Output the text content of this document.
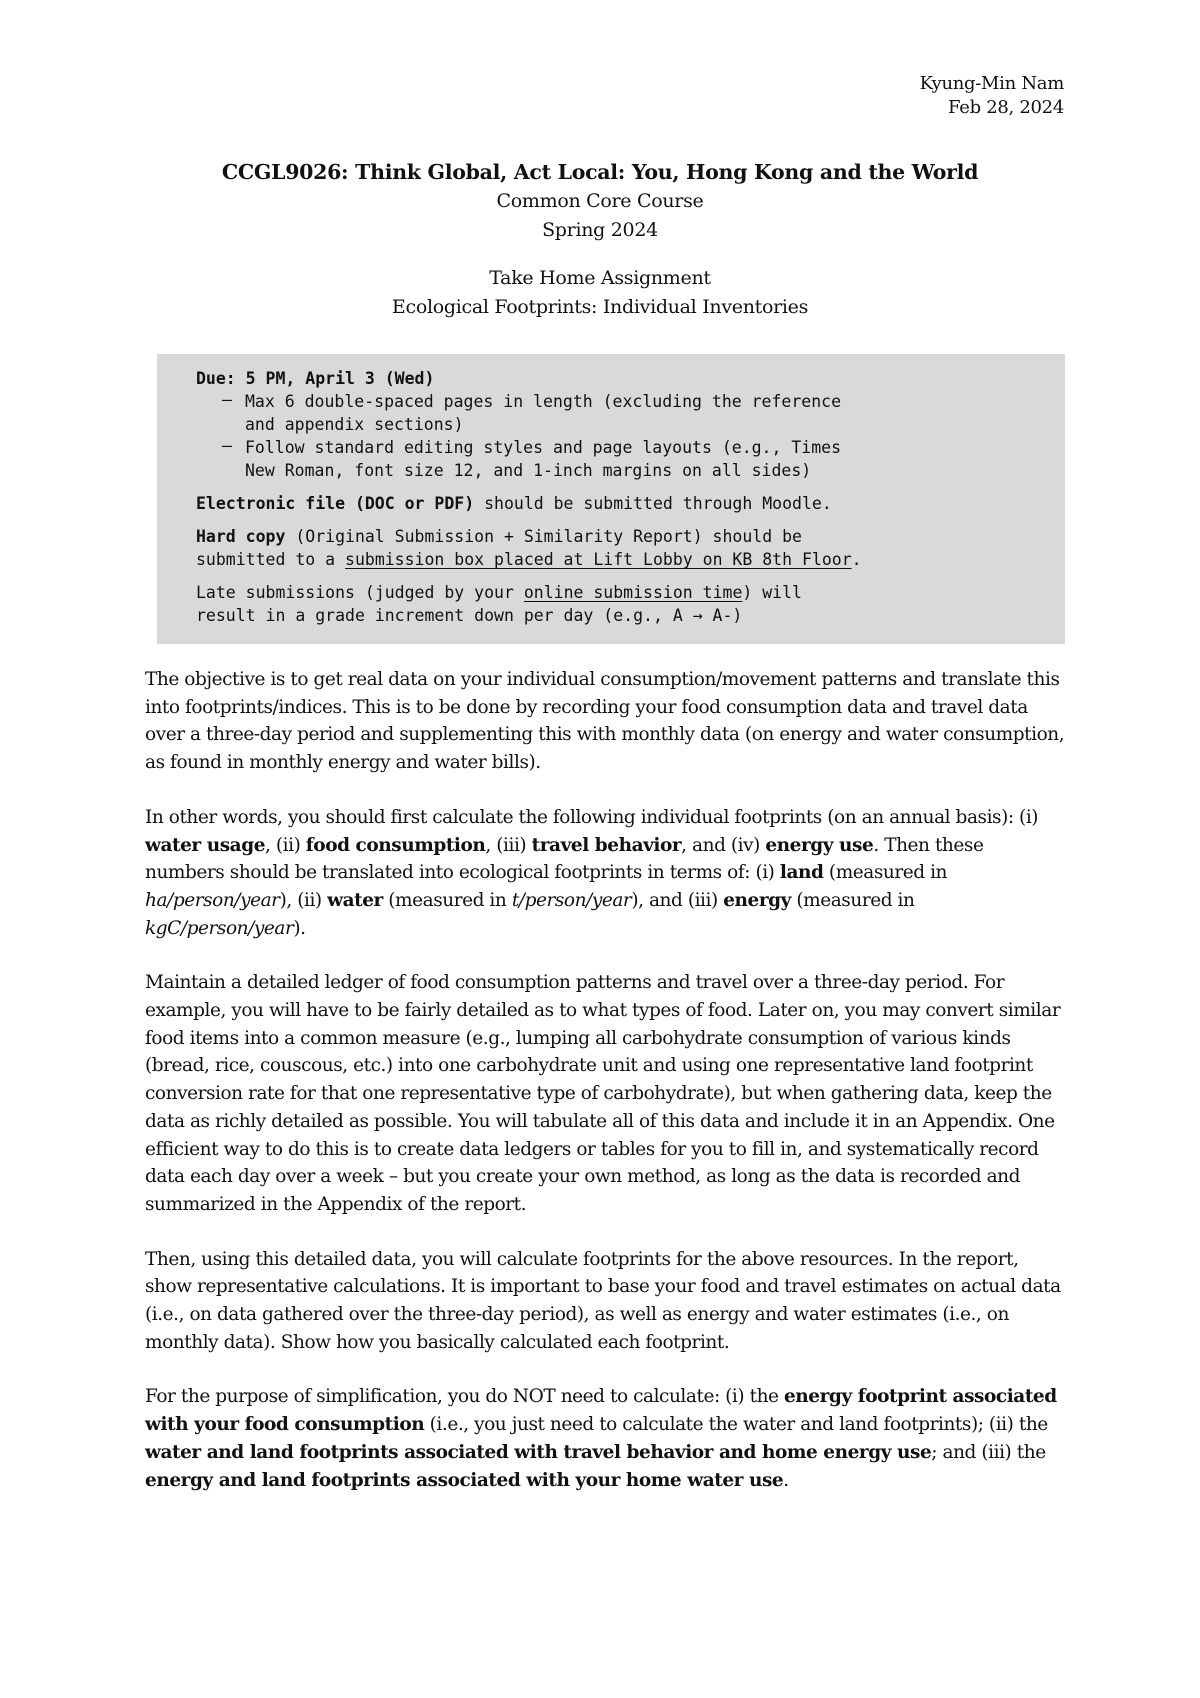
Kyung-Min Nam
Feb 28, 2024
CCGL9026: Think Global, Act Local: You, Hong Kong and the World
Common Core Course
Spring 2024
Take Home Assignment
Ecological Footprints: Individual Inventories
Due: 5 PM, April 3 (Wed)
– Max 6 double-spaced pages in length (excluding the reference
and appendix sections)
– Follow standard editing styles and page layouts (e.g., Times
New Roman, font size 12, and 1-inch margins on all sides)
Electronic file (DOC or PDF) should be submitted through Moodle.
Hard copy (Original Submission + Similarity Report) should be
submitted to a submission box placed at Lift Lobby on KB 8th Floor.
Late submissions (judged by your online submission time) will
result in a grade increment down per day (e.g., A → A-)

The objective is to get real data on your individual consumption/movement patterns and translate this into footprints/indices. This is to be done by recording your food consumption data and travel data over a three-day period and supplementing this with monthly data (on energy and water consumption, as found in monthly energy and water bills).

In other words, you should first calculate the following individual footprints (on an annual basis): (i) water usage, (ii) food consumption, (iii) travel behavior, and (iv) energy use. Then these numbers should be translated into ecological footprints in terms of: (i) land (measured in ha/person/year), (ii) water (measured in t/person/year), and (iii) energy (measured in kgC/person/year).

Maintain a detailed ledger of food consumption patterns and travel over a three-day period. For example, you will have to be fairly detailed as to what types of food. Later on, you may convert similar food items into a common measure (e.g., lumping all carbohydrate consumption of various kinds (bread, rice, couscous, etc.) into one carbohydrate unit and using one representative land footprint conversion rate for that one representative type of carbohydrate), but when gathering data, keep the data as richly detailed as possible. You will tabulate all of this data and include it in an Appendix. One efficient way to do this is to create data ledgers or tables for you to fill in, and systematically record data each day over a week – but you create your own method, as long as the data is recorded and summarized in the Appendix of the report.

Then, using this detailed data, you will calculate footprints for the above resources. In the report, show representative calculations. It is important to base your food and travel estimates on actual data (i.e., on data gathered over the three-day period), as well as energy and water estimates (i.e., on monthly data). Show how you basically calculated each footprint.

For the purpose of simplification, you do NOT need to calculate: (i) the energy footprint associated with your food consumption (i.e., you just need to calculate the water and land footprints); (ii) the water and land footprints associated with travel behavior and home energy use; and (iii) the energy and land footprints associated with your home water use.
